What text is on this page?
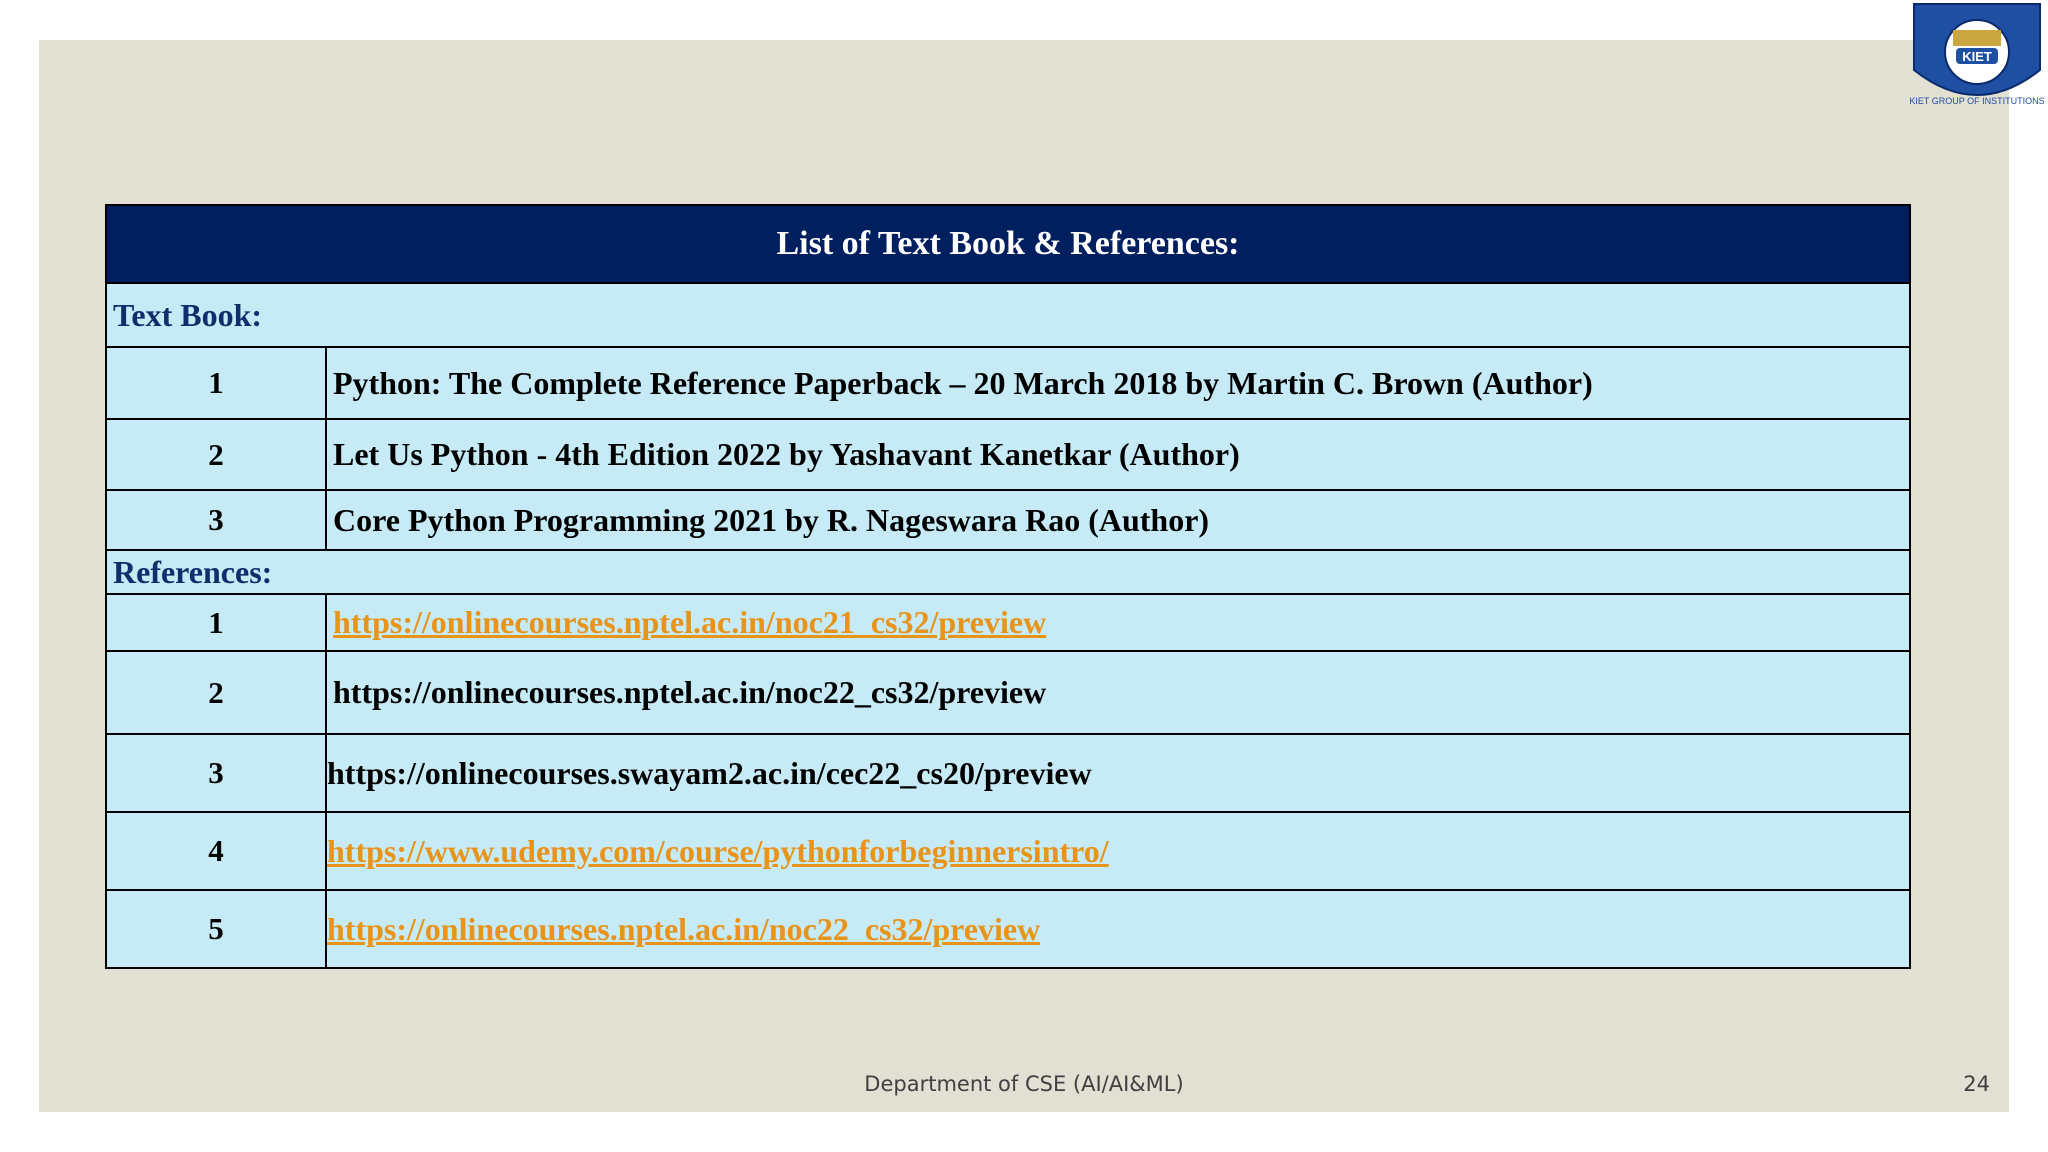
KIET
KIET GROUP OF INSTITUTIONS
List of Text Book & References:	
Text Book:	
1	Python: The Complete Reference Paperback – 20 March 2018 by Martin C. Brown (Author)
2	Let Us Python - 4th Edition 2022 by Yashavant Kanetkar (Author)
3	Core Python Programming 2021 by R. Nageswara Rao (Author)
References:	
1	https://onlinecourses.nptel.ac.in/noc21_cs32/preview
2	https://onlinecourses.nptel.ac.in/noc22_cs32/preview
3	https://onlinecourses.swayam2.ac.in/cec22_cs20/preview
4	https://www.udemy.com/course/pythonforbeginnersintro/
5	https://onlinecourses.nptel.ac.in/noc22_cs32/preview
Department of CSE (AI/AI&ML)	24
